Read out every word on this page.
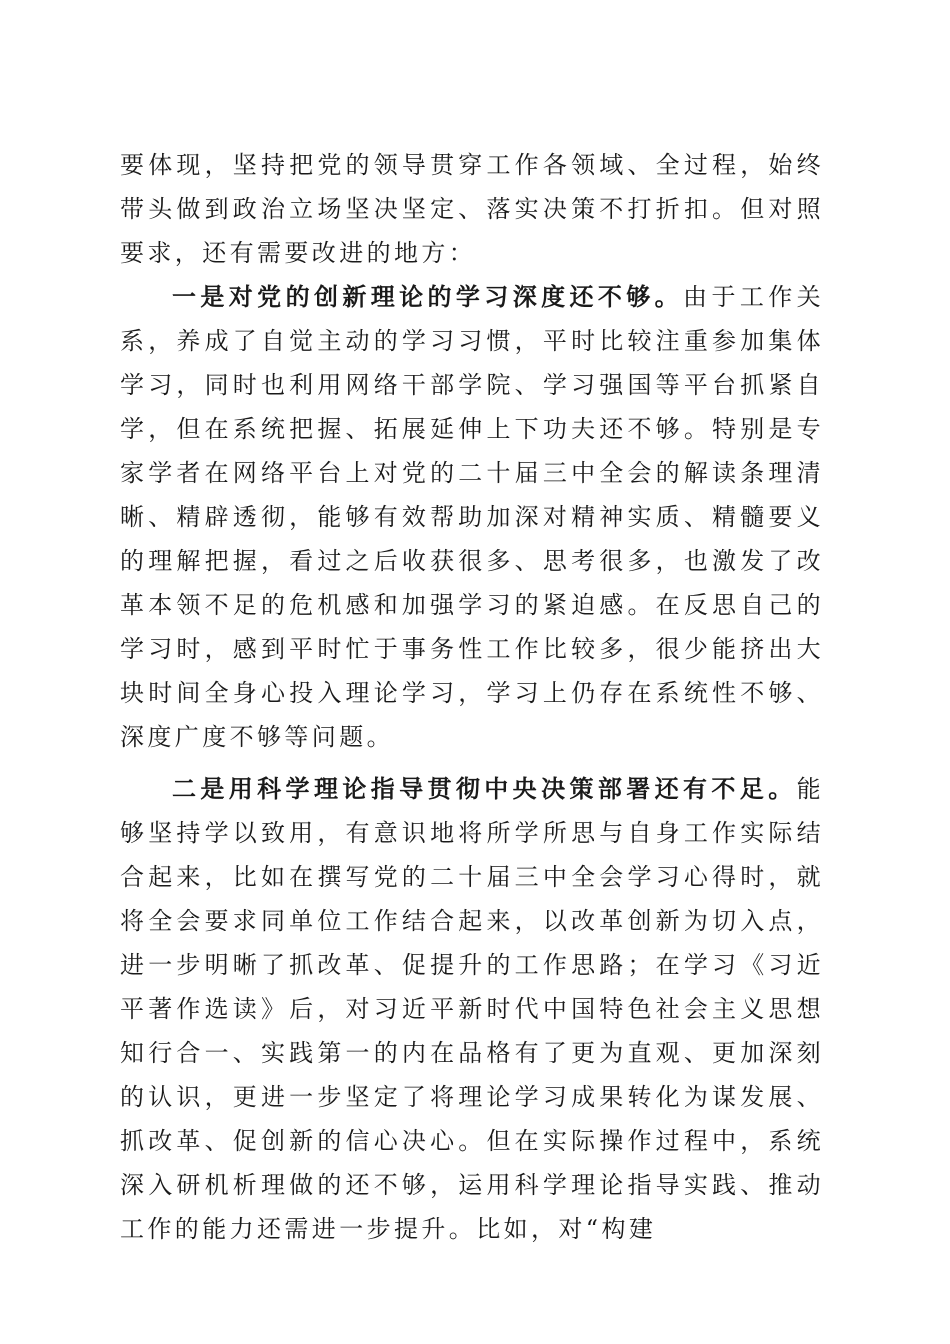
要体现，坚持把党的领导贯穿工作各领域、全过程，始终带头做到政治立场坚决坚定、落实决策不打折扣。但对照要求，还有需要改进的地方：

一是对党的创新理论的学习深度还不够。由于工作关系，养成了自觉主动的学习习惯，平时比较注重参加集体学习，同时也利用网络干部学院、学习强国等平台抓紧自学，但在系统把握、拓展延伸上下功夫还不够。特别是专家学者在网络平台上对党的二十届三中全会的解读条理清晰、精辟透彻，能够有效帮助加深对精神实质、精髓要义的理解把握，看过之后收获很多、思考很多，也激发了改革本领不足的危机感和加强学习的紧迫感。在反思自己的学习时，感到平时忙于事务性工作比较多，很少能挤出大块时间全身心投入理论学习，学习上仍存在系统性不够、深度广度不够等问题。

二是用科学理论指导贯彻中央决策部署还有不足。能够坚持学以致用，有意识地将所学所思与自身工作实际结合起来，比如在撰写党的二十届三中全会学习心得时，就将全会要求同单位工作结合起来，以改革创新为切入点，进一步明晰了抓改革、促提升的工作思路；在学习《习近平著作选读》后，对习近平新时代中国特色社会主义思想知行合一、实践第一的内在品格有了更为直观、更加深刻的认识，更进一步坚定了将理论学习成果转化为谋发展、抓改革、促创新的信心决心。但在实际操作过程中，系统深入研机析理做的还不够，运用科学理论指导实践、推动工作的能力还需进一步提升。比如，对“构建
